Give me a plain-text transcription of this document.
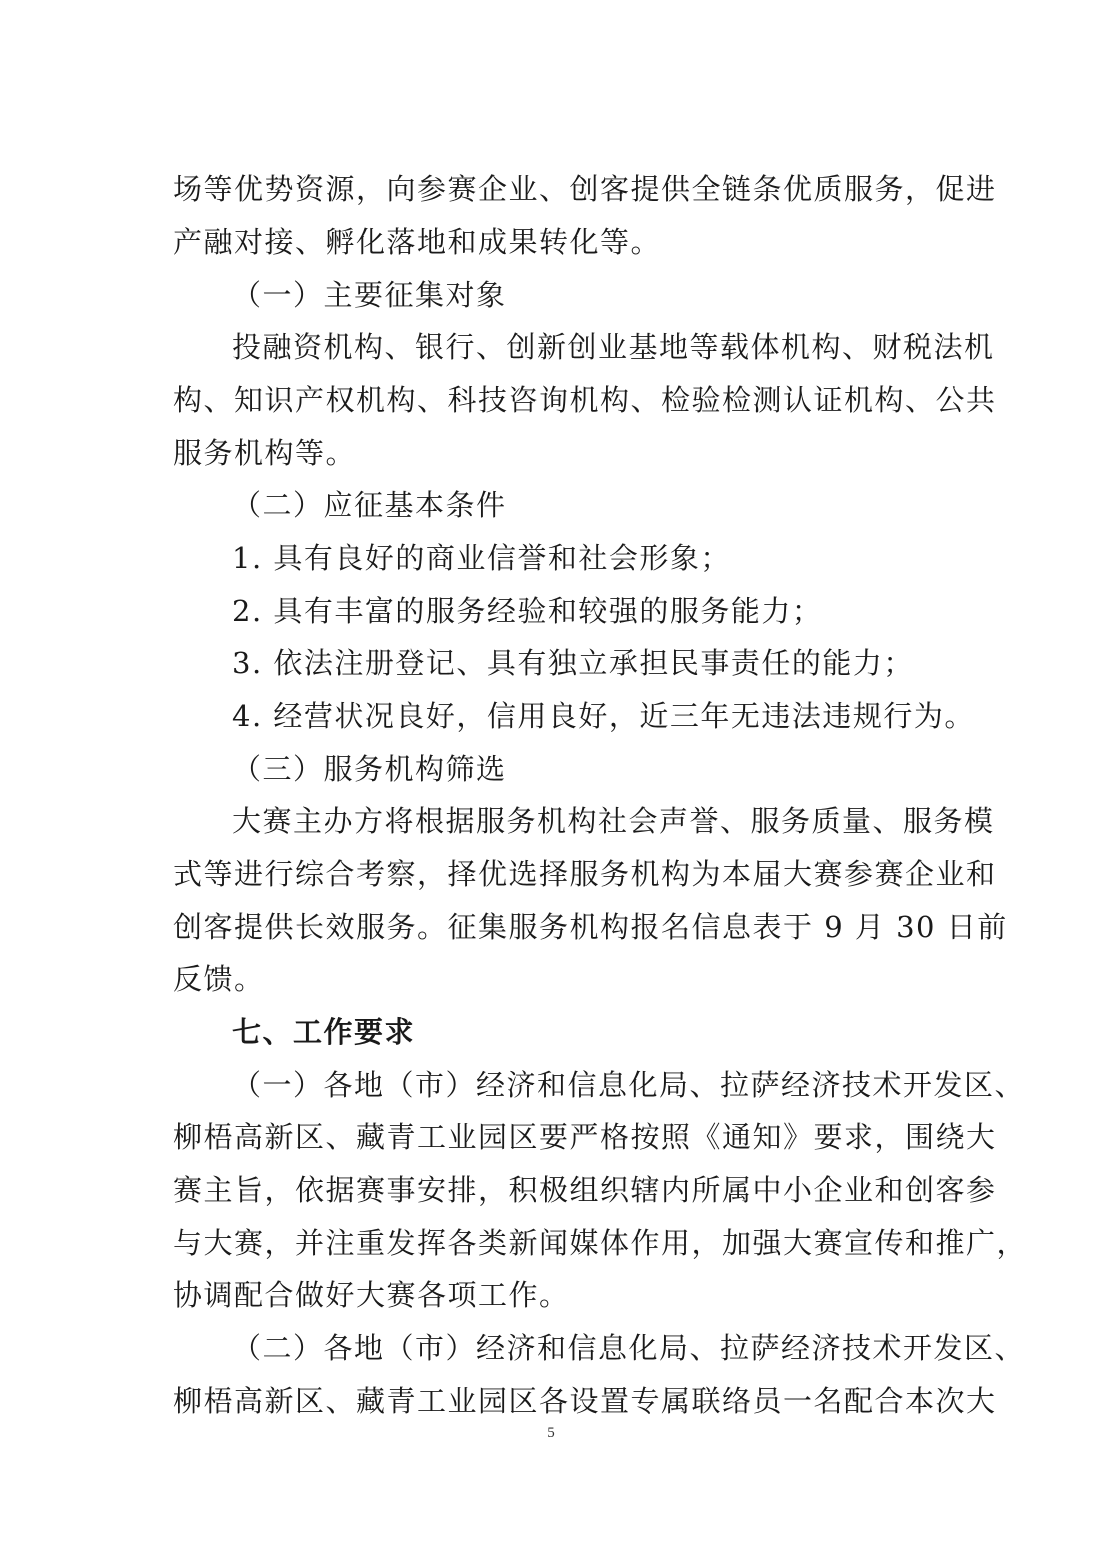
场等优势资源，向参赛企业、创客提供全链条优质服务，促进
产融对接、孵化落地和成果转化等。
（一）主要征集对象
投融资机构、银行、创新创业基地等载体机构、财税法机
构、知识产权机构、科技咨询机构、检验检测认证机构、公共
服务机构等。
（二）应征基本条件
1. 具有良好的商业信誉和社会形象；
2. 具有丰富的服务经验和较强的服务能力；
3. 依法注册登记、具有独立承担民事责任的能力；
4. 经营状况良好，信用良好，近三年无违法违规行为。
（三）服务机构筛选
大赛主办方将根据服务机构社会声誉、服务质量、服务模
式等进行综合考察，择优选择服务机构为本届大赛参赛企业和
创客提供长效服务。征集服务机构报名信息表于 9 月 30 日前
反馈。
七、工作要求
（一）各地（市）经济和信息化局、拉萨经济技术开发区、
柳梧高新区、藏青工业园区要严格按照《通知》要求，围绕大
赛主旨，依据赛事安排，积极组织辖内所属中小企业和创客参
与大赛，并注重发挥各类新闻媒体作用，加强大赛宣传和推广，
协调配合做好大赛各项工作。
（二）各地（市）经济和信息化局、拉萨经济技术开发区、
柳梧高新区、藏青工业园区各设置专属联络员一名配合本次大
5
